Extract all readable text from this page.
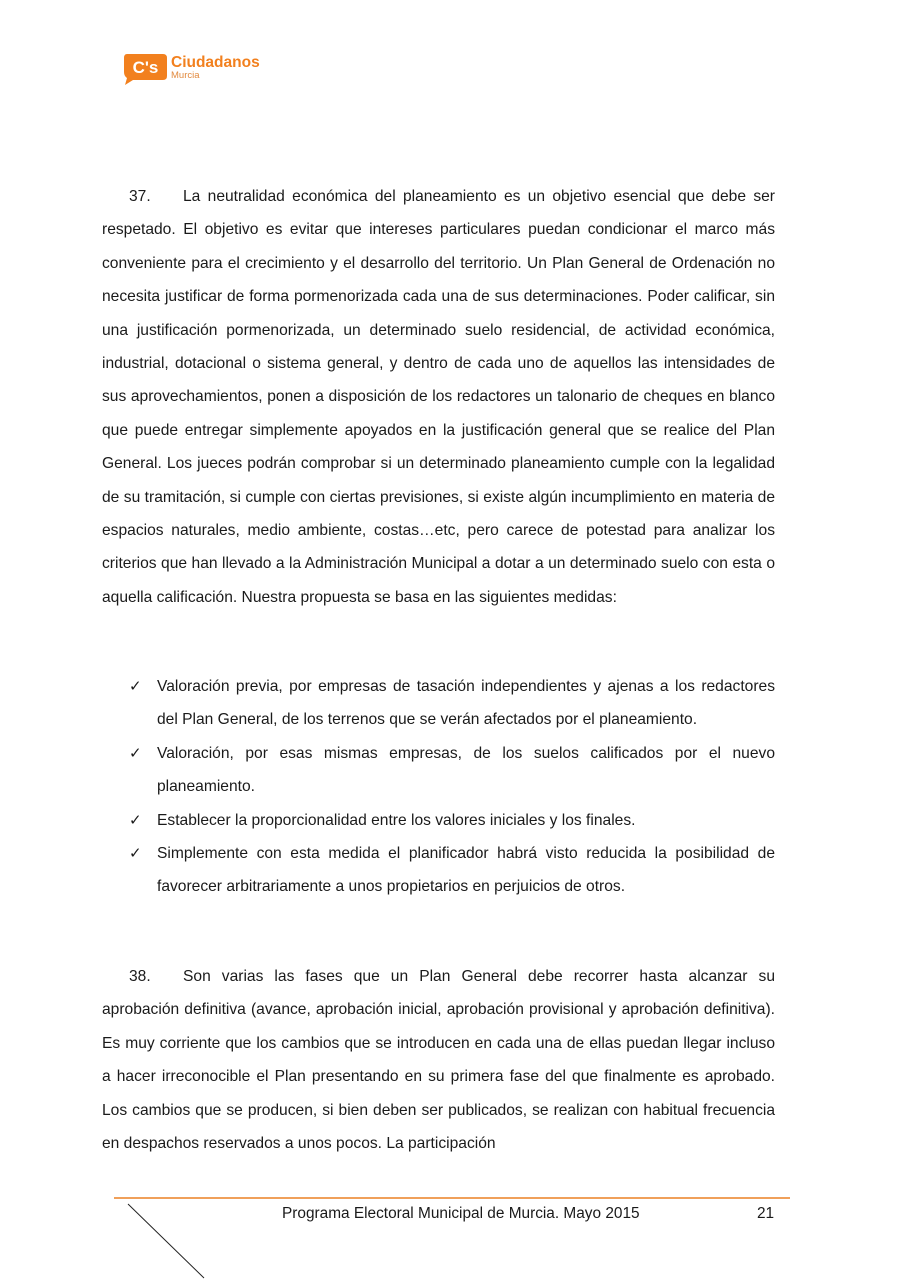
C's Ciudadanos
Murcia
37. La neutralidad económica del planeamiento es un objetivo esencial que debe ser respetado. El objetivo es evitar que intereses particulares puedan condicionar el marco más conveniente para el crecimiento y el desarrollo del territorio. Un Plan General de Ordenación no necesita justificar de forma pormenorizada cada una de sus determinaciones. Poder calificar, sin una justificación pormenorizada, un determinado suelo residencial, de actividad económica, industrial, dotacional o sistema general, y dentro de cada uno de aquellos las intensidades de sus aprovechamientos, ponen a disposición de los redactores un talonario de cheques en blanco que puede entregar simplemente apoyados en la justificación general que se realice del Plan General. Los jueces podrán comprobar si un determinado planeamiento cumple con la legalidad de su tramitación, si cumple con ciertas previsiones, si existe algún incumplimiento en materia de espacios naturales, medio ambiente, costas…etc, pero carece de potestad para analizar los criterios que han llevado a la Administración Municipal a dotar a un determinado suelo con esta o aquella calificación. Nuestra propuesta se basa en las siguientes medidas:
✓ Valoración previa, por empresas de tasación independientes y ajenas a los redactores del Plan General, de los terrenos que se verán afectados por el planeamiento.
✓ Valoración, por esas mismas empresas, de los suelos calificados por el nuevo planeamiento.
✓ Establecer la proporcionalidad entre los valores iniciales y los finales.
✓ Simplemente con esta medida el planificador habrá visto reducida la posibilidad de favorecer arbitrariamente a unos propietarios en perjuicios de otros.
38. Son varias las fases que un Plan General debe recorrer hasta alcanzar su aprobación definitiva (avance, aprobación inicial, aprobación provisional y aprobación definitiva). Es muy corriente que los cambios que se introducen en cada una de ellas puedan llegar incluso a hacer irreconocible el Plan presentando en su primera fase del que finalmente es aprobado. Los cambios que se producen, si bien deben ser publicados, se realizan con habitual frecuencia en despachos reservados a unos pocos. La participación
Programa Electoral Municipal de Murcia. Mayo 2015	21
